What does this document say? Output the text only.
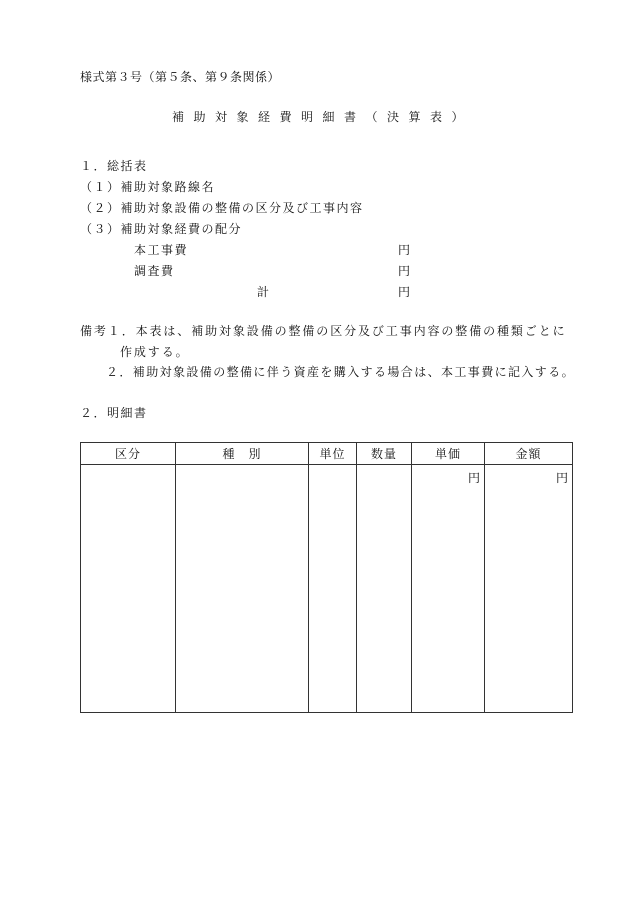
様式第３号（第５条、第９条関係）
補助対象経費明細書（決算表）
１．総括表
（１）補助対象路線名
（２）補助対象設備の整備の区分及び工事内容
（３）補助対象経費の配分
本工事費	円
調査費	円
計	円
備考１．本表は、補助対象設備の整備の区分及び工事内容の整備の種類ごとに
作成する。
２．補助対象設備の整備に伴う資産を購入する場合は、本工事費に記入する。
２．明細書
区分	種　別	単位	数量	単価	金額
				円	円
